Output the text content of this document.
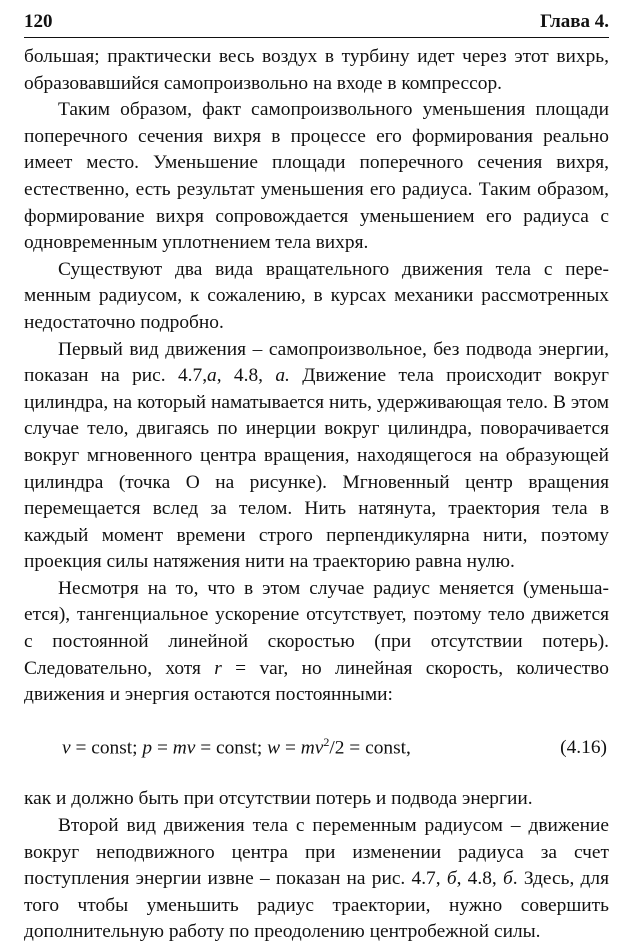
120	Глава 4.

большая; практически весь воздух в турбину идет через этот вихрь, образовавшийся самопроизвольно на входе в компрессор.

Таким образом, факт самопроизвольного уменьшения площади поперечного сечения вихря в процессе его формирования реально имеет место. Уменьшение площади поперечного сечения вихря, естественно, есть результат уменьшения его радиуса. Таким образом, формирование вихря сопровождается уменьшением его радиуса с одновременным уплотнением тела вихря.

Существуют два вида вращательного движения тела с переменным радиусом, к сожалению, в курсах механики рассмотренных недостаточно подробно.

Первый вид движения – самопроизвольное, без подвода энергии, показан на рис. 4.7,а, 4.8, а. Движение тела происходит вокруг цилиндра, на который наматывается нить, удерживающая тело. В этом случае тело, двигаясь по инерции вокруг цилиндра, поворачивается вокруг мгновенного центра вращения, находящегося на образующей цилиндра (точка О на рисунке). Мгновенный центр вращения перемещается вслед за телом. Нить натянута, траектория тела в каждый момент времени строго перпендикулярна нити, поэтому проекция силы натяжения нити на траекторию равна нулю.

Несмотря на то, что в этом случае радиус меняется (уменьшается), тангенциальное ускорение отсутствует, поэтому тело движется с постоянной линейной скоростью (при отсутствии потерь). Следовательно, хотя r = var, но линейная скорость, количество движения и энергия остаются постоянными:

v = const; p = mv = const; $w = mv^2/2$ = const,	(4.16)

как и должно быть при отсутствии потерь и подвода энергии.

Второй вид движения тела с переменным радиусом – движение вокруг неподвижного центра при изменении радиуса за счет поступления энергии извне – показан на рис. 4.7, б, 4.8, б. Здесь, для того чтобы уменьшить радиус траектории, нужно совершить дополнительную работу по преодолению центробежной силы.
